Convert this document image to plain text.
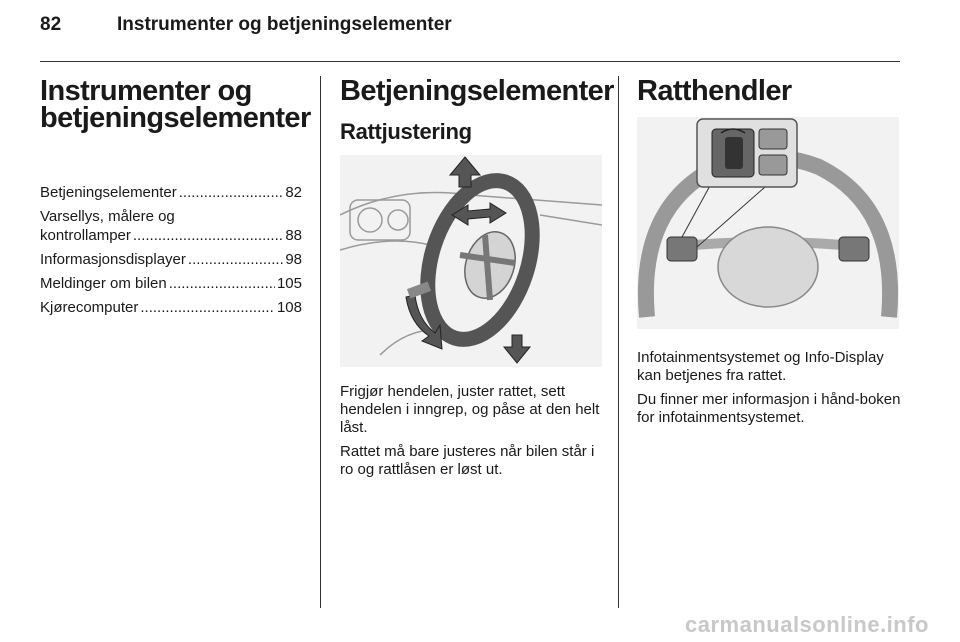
82	Instrumenter og betjeningselementer
Instrumenter og
betjeningselementer
Betjeningselementer .....	82
Varsellys, målere og
kontrollamper .....	88
Informasjonsdisplayer .....	98
Meldinger om bilen .....	105
Kjørecomputer .....	108
Betjeningselementer
Rattjustering

Frigjør hendelen, juster rattet, sett hendelen i inngrep, og påse at den helt låst.

Rattet må bare justeres når bilen står i ro og rattlåsen er løst ut.

Ratthendler

Infotainmentsystemet og Info-Display kan betjenes fra rattet.

Du finner mer informasjon i hånd-boken for infotainmentsystemet.

carmanualsonline.info
